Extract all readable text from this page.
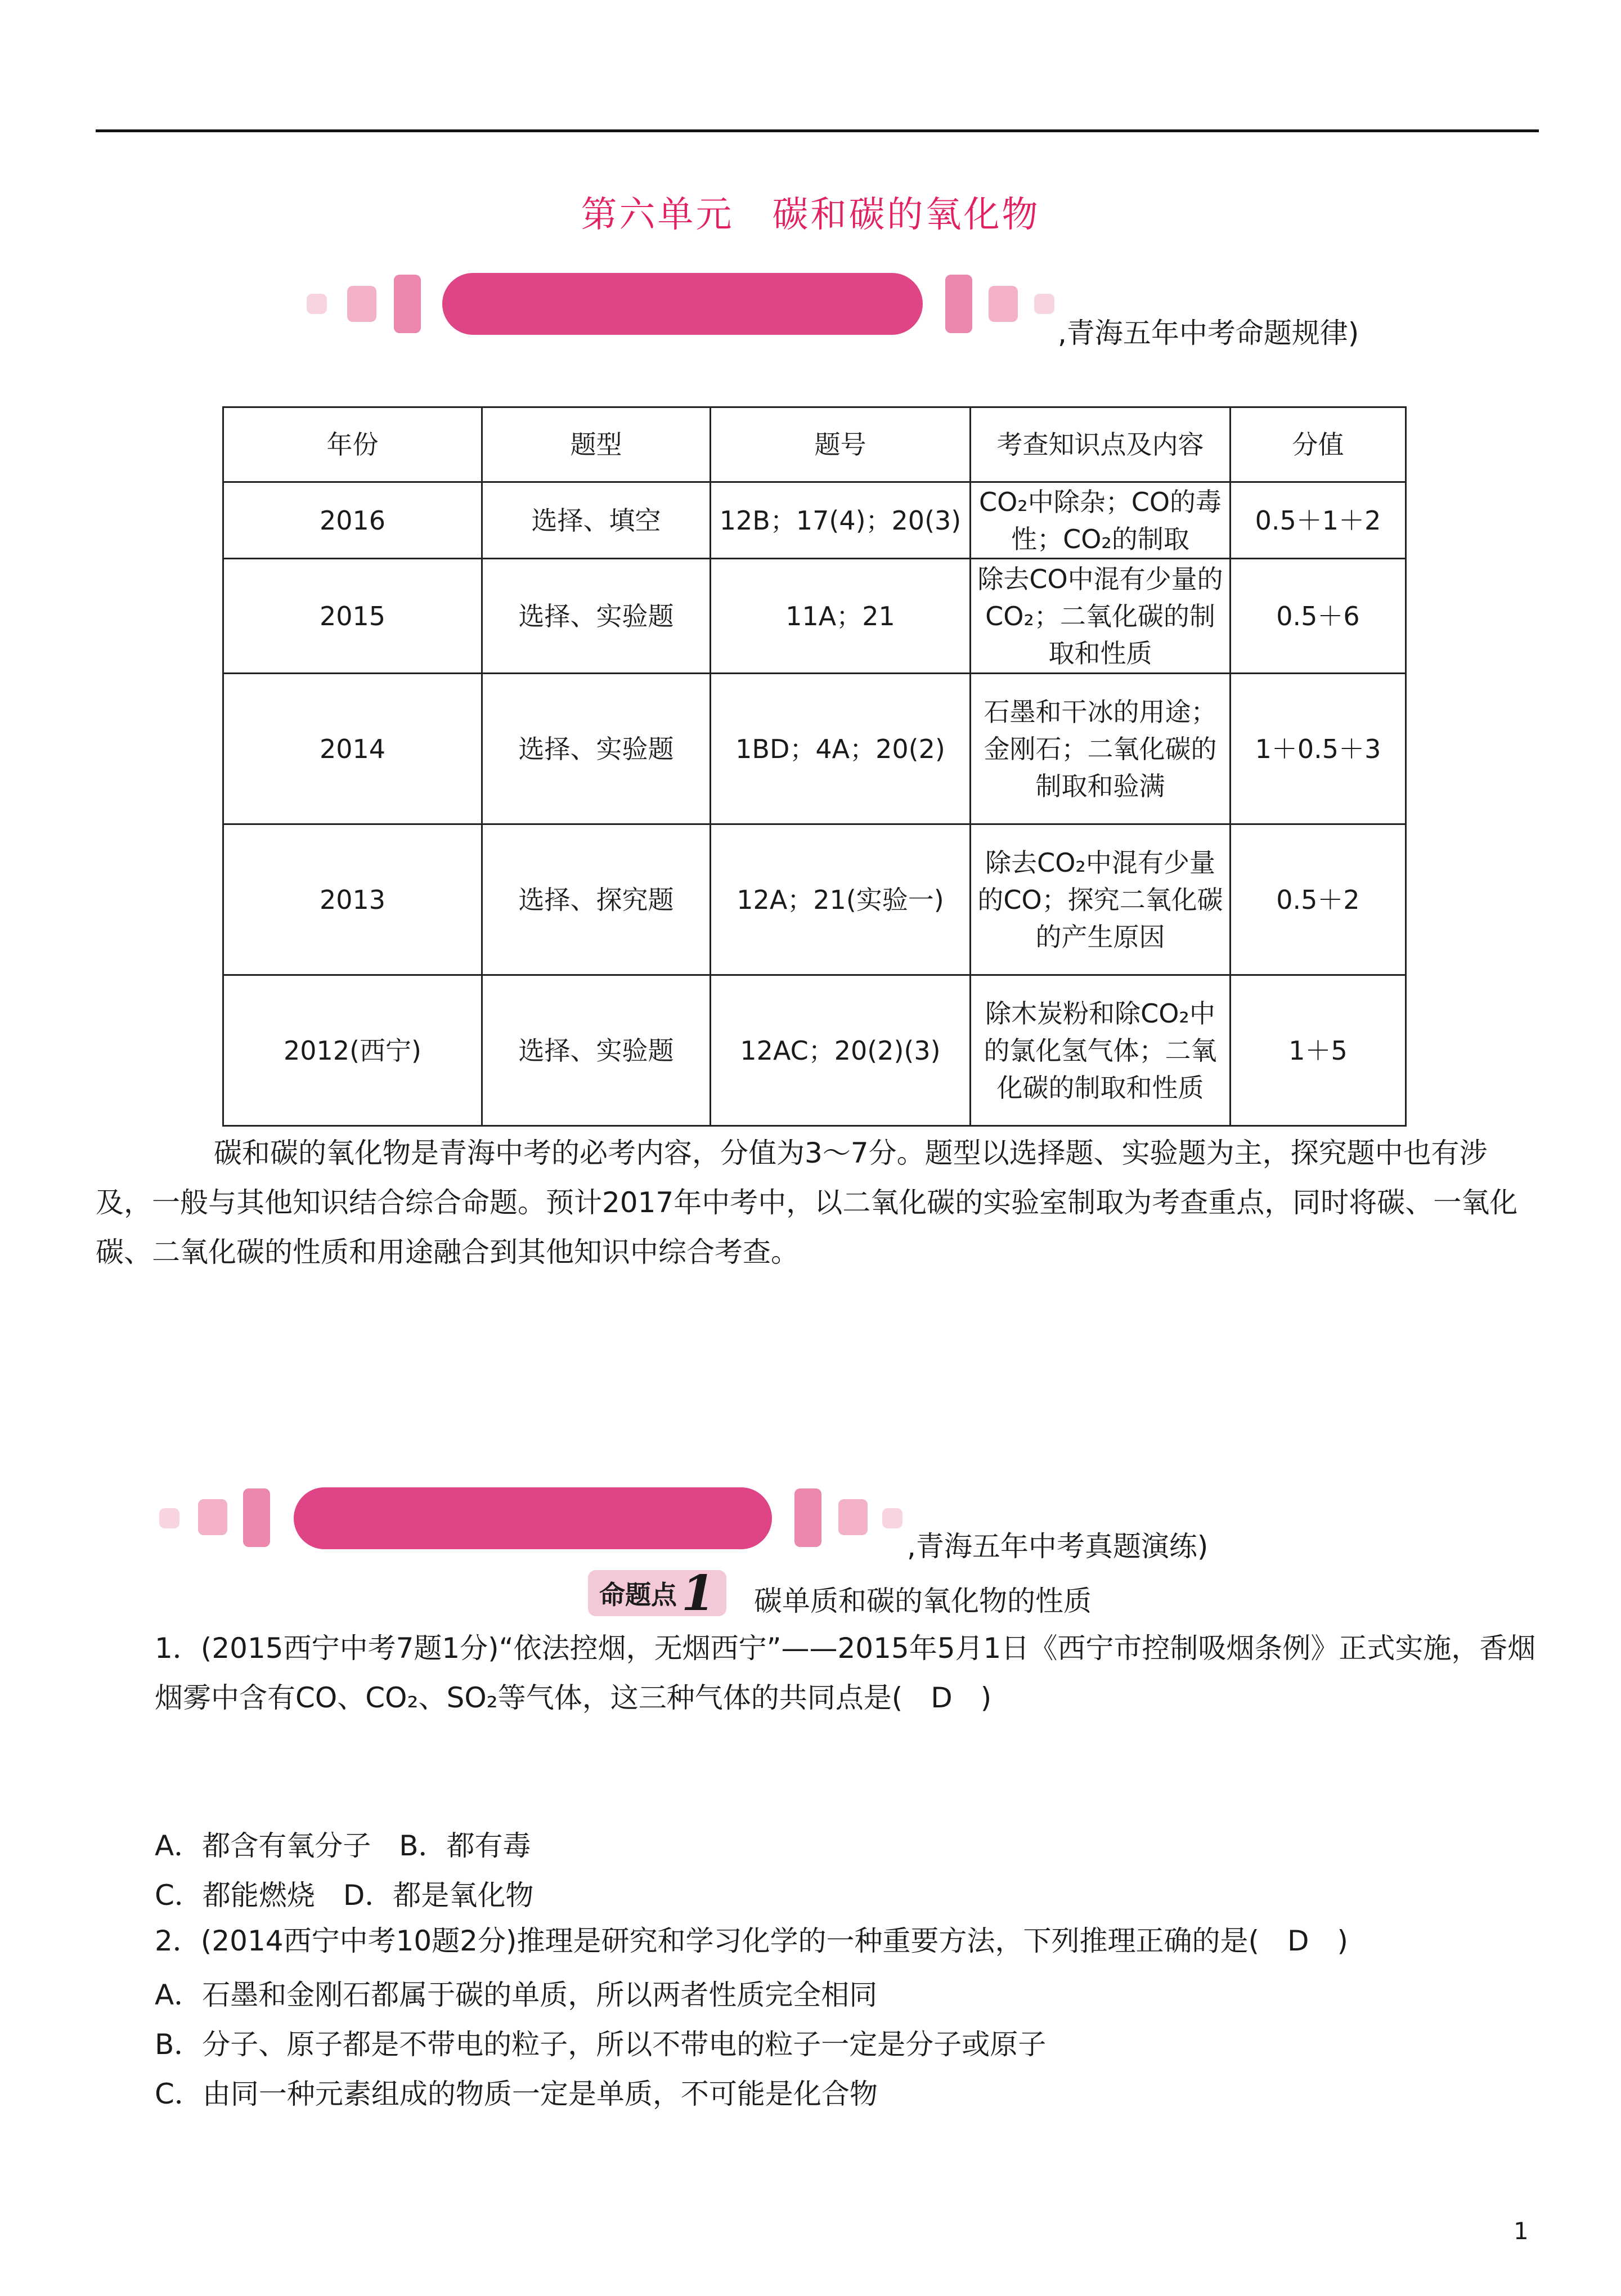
第六单元　碳和碳的氧化物
,青海五年中考命题规律)
年份	题型	题号	考查知识点及内容	分值
2016	选择、填空	12B；17(4)；20(3)	CO₂中除杂；CO的毒性；CO₂的制取	0.5＋1＋2
2015	选择、实验题	11A；21	除去CO中混有少量的CO₂；二氧化碳的制取和性质	0.5＋6
2014	选择、实验题	1BD；4A；20(2)	石墨和干冰的用途；金刚石；二氧化碳的制取和验满	1＋0.5＋3
2013	选择、探究题	12A；21(实验一)	除去CO₂中混有少量的CO；探究二氧化碳的产生原因	0.5＋2
2012(西宁)	选择、实验题	12AC；20(2)(3)	除木炭粉和除CO₂中的氯化氢气体；二氧化碳的制取和性质	1＋5
碳和碳的氧化物是青海中考的必考内容，分值为3～7分。题型以选择题、实验题为主，探究题中也有涉及，一般与其他知识结合综合命题。预计2017年中考中，以二氧化碳的实验室制取为考查重点，同时将碳、一氧化碳、二氧化碳的性质和用途融合到其他知识中综合考查。
,青海五年中考真题演练)
命题点 1 碳单质和碳的氧化物的性质
1．(2015西宁中考7题1分)“依法控烟，无烟西宁”——2015年5月1日《西宁市控制吸烟条例》正式实施，香烟烟雾中含有CO、CO₂、SO₂等气体，这三种气体的共同点是(　D　)
A．都含有氧分子　B．都有毒
C．都能燃烧　D．都是氧化物
2．(2014西宁中考10题2分)推理是研究和学习化学的一种重要方法，下列推理正确的是(　D　)
A．石墨和金刚石都属于碳的单质，所以两者性质完全相同
B．分子、原子都是不带电的粒子，所以不带电的粒子一定是分子或原子
C．由同一种元素组成的物质一定是单质，不可能是化合物
1
